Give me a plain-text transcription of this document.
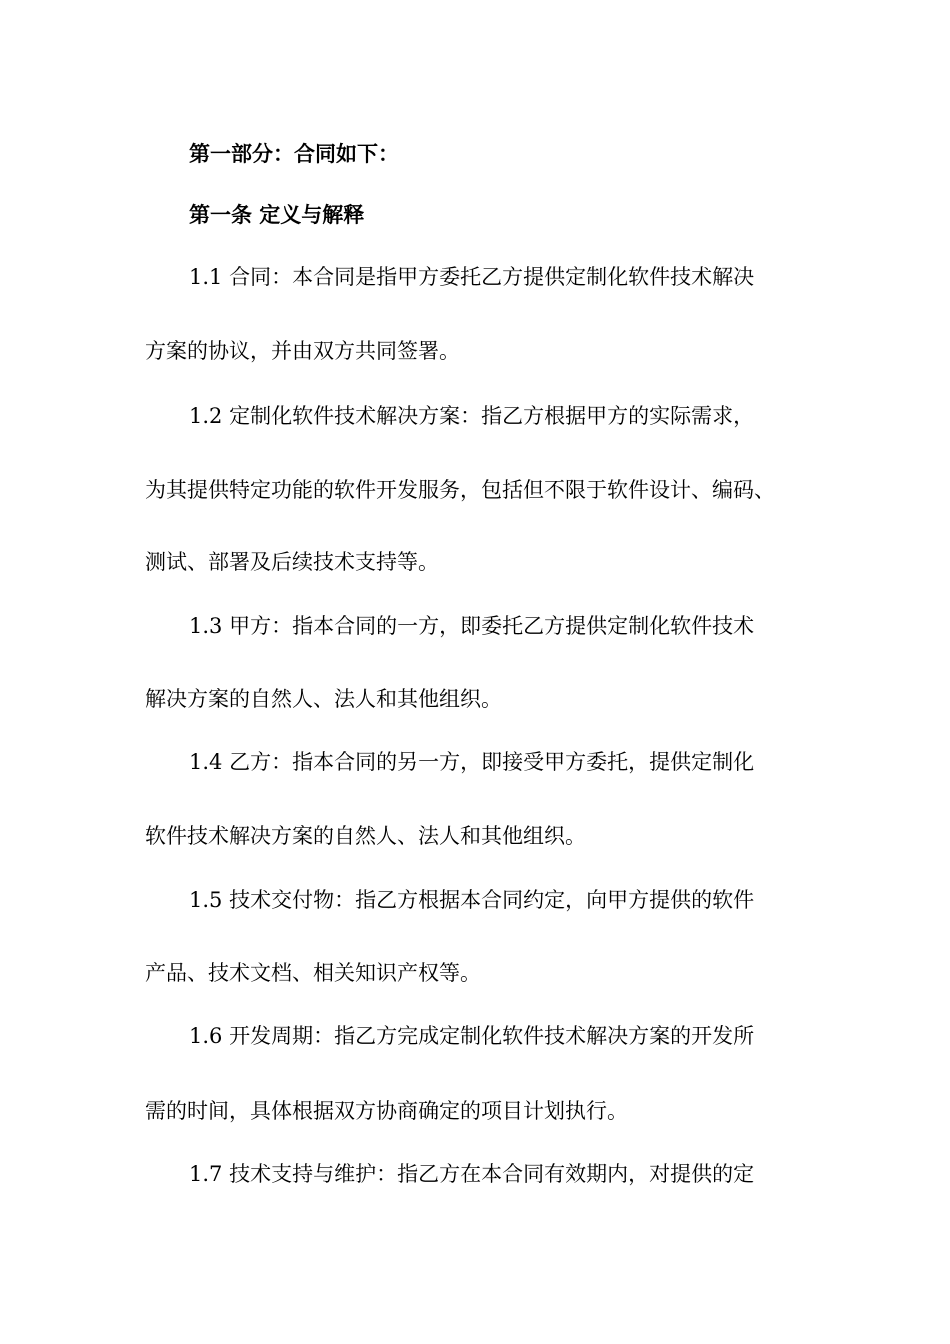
第一部分：合同如下：
第一条 定义与解释
1.1 合同：本合同是指甲方委托乙方提供定制化软件技术解决
方案的协议，并由双方共同签署。
1.2 定制化软件技术解决方案：指乙方根据甲方的实际需求，
为其提供特定功能的软件开发服务，包括但不限于软件设计、编码、
测试、部署及后续技术支持等。
1.3 甲方：指本合同的一方，即委托乙方提供定制化软件技术
解决方案的自然人、法人和其他组织。
1.4 乙方：指本合同的另一方，即接受甲方委托，提供定制化
软件技术解决方案的自然人、法人和其他组织。
1.5 技术交付物：指乙方根据本合同约定，向甲方提供的软件
产品、技术文档、相关知识产权等。
1.6 开发周期：指乙方完成定制化软件技术解决方案的开发所
需的时间，具体根据双方协商确定的项目计划执行。
1.7 技术支持与维护：指乙方在本合同有效期内，对提供的定
